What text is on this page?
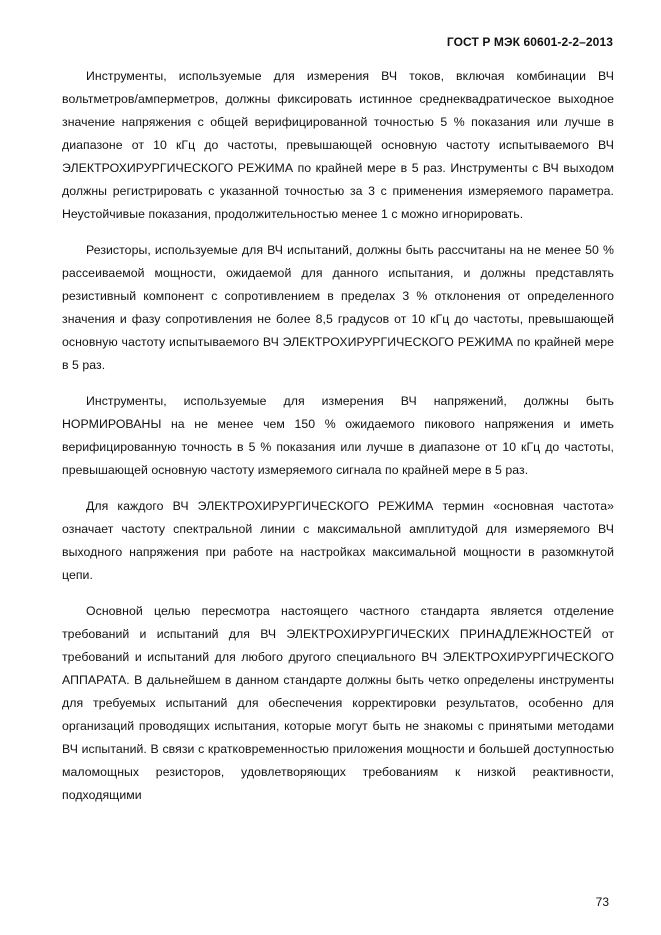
ГОСТ Р МЭК 60601-2-2–2013

Инструменты, используемые для измерения ВЧ токов, включая комбинации ВЧ вольтметров/амперметров, должны фиксировать истинное среднеквадратическое выходное значение напряжения с общей верифицированной точностью 5 % показания или лучше в диапазоне от 10 кГц до частоты, превышающей основную частоту испытываемого ВЧ ЭЛЕКТРОХИРУРГИЧЕСКОГО РЕЖИМА по крайней мере в 5 раз. Инструменты с ВЧ выходом должны регистрировать с указанной точностью за 3 с применения измеряемого параметра. Неустойчивые показания, продолжительностью менее 1 с можно игнорировать.

Резисторы, используемые для ВЧ испытаний, должны быть рассчитаны на не менее 50 % рассеиваемой мощности, ожидаемой для данного испытания, и должны представлять резистивный компонент с сопротивлением в пределах 3 % отклонения от определенного значения и фазу сопротивления не более 8,5 градусов от 10 кГц до частоты, превышающей основную частоту испытываемого ВЧ ЭЛЕКТРОХИРУРГИЧЕСКОГО РЕЖИМА по крайней мере в 5 раз.

Инструменты, используемые для измерения ВЧ напряжений, должны быть НОРМИРОВАНЫ на не менее чем 150 % ожидаемого пикового напряжения и иметь верифицированную точность в 5 % показания или лучше в диапазоне от 10 кГц до частоты, превышающей основную частоту измеряемого сигнала по крайней мере в 5 раз.

Для каждого ВЧ ЭЛЕКТРОХИРУРГИЧЕСКОГО РЕЖИМА термин «основная частота» означает частоту спектральной линии с максимальной амплитудой для измеряемого ВЧ выходного напряжения при работе на настройках максимальной мощности в разомкнутой цепи.

Основной целью пересмотра настоящего частного стандарта является отделение требований и испытаний для ВЧ ЭЛЕКТРОХИРУРГИЧЕСКИХ ПРИНАДЛЕЖНОСТЕЙ от требований и испытаний для любого другого специального ВЧ ЭЛЕКТРОХИРУРГИЧЕСКОГО АППАРАТА. В дальнейшем в данном стандарте должны быть четко определены инструменты для требуемых испытаний для обеспечения корректировки результатов, особенно для организаций проводящих испытания, которые могут быть не знакомы с принятыми методами ВЧ испытаний. В связи с кратковременностью приложения мощности и большей доступностью маломощных резисторов, удовлетворяющих требованиям к низкой реактивности, подходящими

73
